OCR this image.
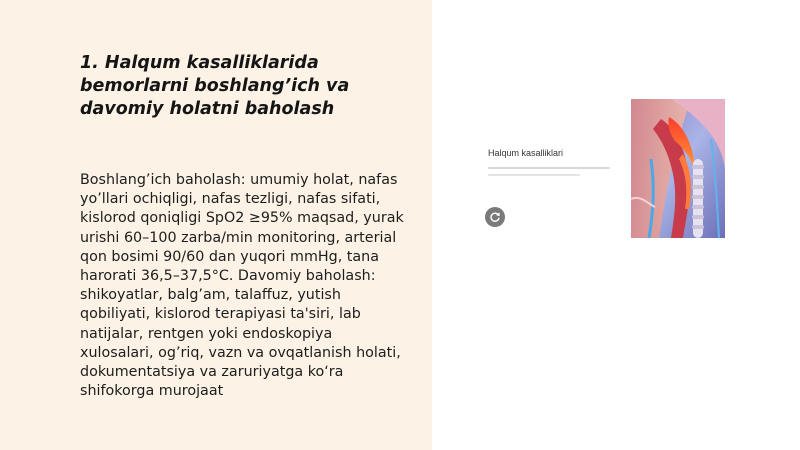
1. Halqum kasalliklarida bemorlarni boshlang’ich va davomiy holatni baholash

Boshlang’ich baholash: umumiy holat, nafas yo’llari ochiqligi, nafas tezligi, nafas sifati, kislorod qoniqligi SpO2 ≥95% maqsad, yurak urishi 60–100 zarba/min monitoring, arterial qon bosimi 90/60 dan yuqori mmHg, tana harorati 36,5–37,5°C. Davomiy baholash: shikoyatlar, balg’am, talaffuz, yutish qobiliyati, kislorod terapiyasi ta'siri, lab natijalar, rentgen yoki endoskopiya xulosalari, og’riq, vazn va ovqatlanish holati, dokumentatsiya va zaruriyatga ko‘ra shifokorga murojaat

Halqum kasalliklari
